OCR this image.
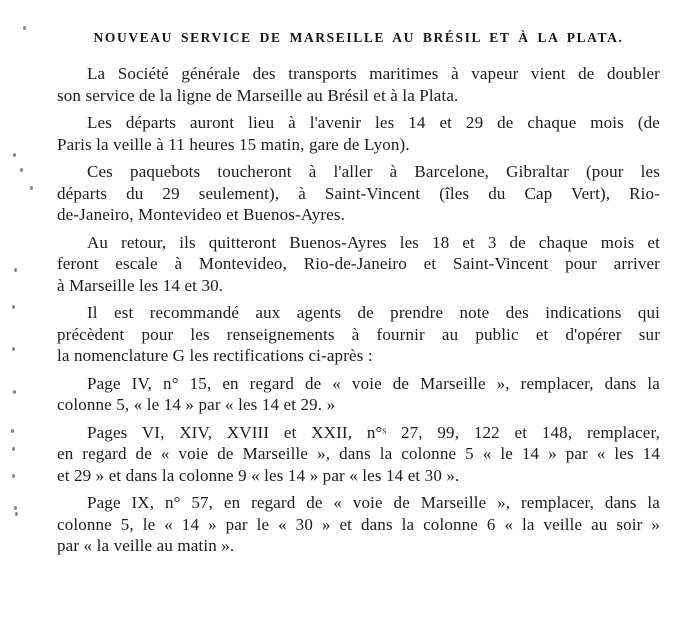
NOUVEAU SERVICE DE MARSEILLE AU BRÉSIL ET À LA PLATA.
La Société générale des transports maritimes à vapeur vient de doubler
son service de la ligne de Marseille au Brésil et à la Plata.
Les départs auront lieu à l'avenir les 14 et 29 de chaque mois (de
Paris la veille à 11 heures 15 matin, gare de Lyon).
Ces paquebots toucheront à l'aller à Barcelone, Gibraltar (pour les
départs du 29 seulement), à Saint-Vincent (îles du Cap Vert), Rio-
de-Janeiro, Montevideo et Buenos-Ayres.
Au retour, ils quitteront Buenos-Ayres les 18 et 3 de chaque mois et
feront escale à Montevideo, Rio-de-Janeiro et Saint-Vincent pour arriver
à Marseille les 14 et 30.
Il est recommandé aux agents de prendre note des indications qui
précèdent pour les renseignements à fournir au public et d'opérer sur
la nomenclature G les rectifications ci-après :
Page IV, n° 15, en regard de « voie de Marseille », remplacer, dans la
colonne 5, « le 14 » par « les 14 et 29. »
Pages VI, XIV, XVIII et XXII, n°ˢ 27, 99, 122 et 148, remplacer,
en regard de « voie de Marseille », dans la colonne 5 « le 14 » par « les 14
et 29 » et dans la colonne 9 « les 14 » par « les 14 et 30 ».
Page IX, n° 57, en regard de « voie de Marseille », remplacer, dans la
colonne 5, le « 14 » par le « 30 » et dans la colonne 6 « la veille au soir »
par « la veille au matin ».
